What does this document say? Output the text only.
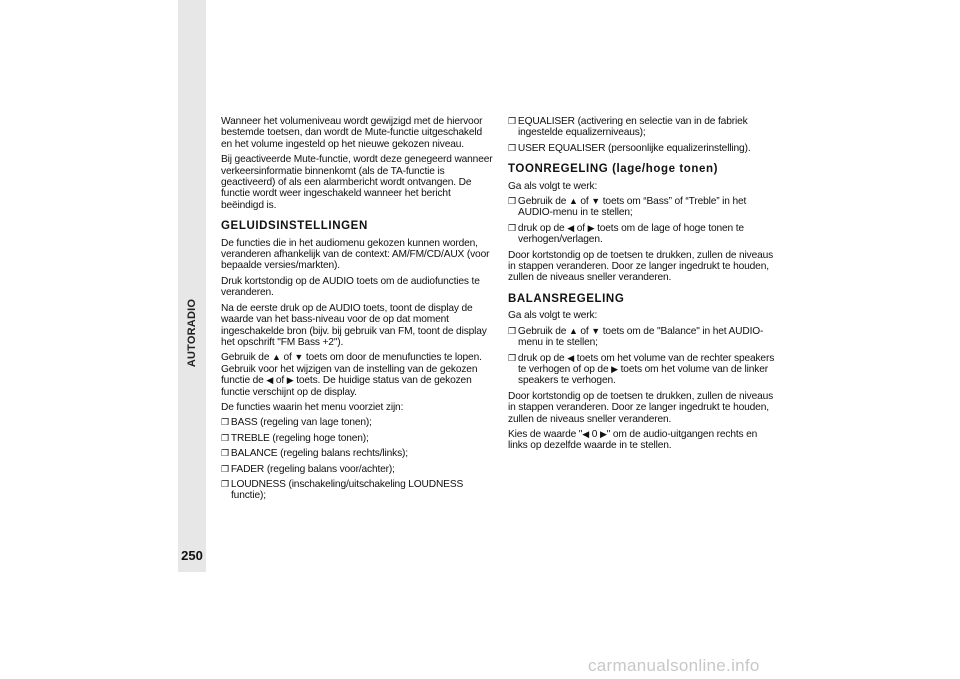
AUTORADIO
250

Wanneer het volumeniveau wordt gewijzigd met de hiervoor bestemde toetsen, dan wordt de Mute-functie uitgeschakeld en het volume ingesteld op het nieuwe gekozen niveau.

Bij geactiveerde Mute-functie, wordt deze genegeerd wanneer verkeersinformatie binnenkomt (als de TA-functie is geactiveerd) of als een alarmbericht wordt ontvangen. De functie wordt weer ingeschakeld wanneer het bericht beëindigd is.

GELUIDSINSTELLINGEN

De functies die in het audiomenu gekozen kunnen worden, veranderen afhankelijk van de context: AM/FM/CD/AUX (voor bepaalde versies/markten).

Druk kortstondig op de AUDIO toets om de audiofuncties te veranderen.

Na de eerste druk op de AUDIO toets, toont de display de waarde van het bass-niveau voor de op dat moment ingeschakelde bron (bijv. bij gebruik van FM, toont de display het opschrift "FM Bass +2").

Gebruik de ▲ of ▼ toets om door de menufuncties te lopen. Gebruik voor het wijzigen van de instelling van de gekozen functie de ◀ of ▶ toets. De huidige status van de gekozen functie verschijnt op de display.

De functies waarin het menu voorziet zijn:

❒ BASS (regeling van lage tonen);

❒ TREBLE (regeling hoge tonen);

❒ BALANCE (regeling balans rechts/links);

❒ FADER (regeling balans voor/achter);

❒ LOUDNESS (inschakeling/uitschakeling LOUDNESS functie);

❒ EQUALISER (activering en selectie van in de fabriek ingestelde equalizerniveaus);

❒ USER EQUALISER (persoonlijke equalizerinstelling).

TOONREGELING (lage/hoge tonen)

Ga als volgt te werk:

❒ Gebruik de ▲ of ▼ toets om “Bass” of “Treble” in het AUDIO-menu in te stellen;

❒ druk op de ◀ of ▶ toets om de lage of hoge tonen te verhogen/verlagen.

Door kortstondig op de toetsen te drukken, zullen de niveaus in stappen veranderen. Door ze langer ingedrukt te houden, zullen de niveaus sneller veranderen.

BALANSREGELING

Ga als volgt te werk:

❒ Gebruik de ▲ of ▼ toets om de "Balance" in het AUDIO-menu in te stellen;

❒ druk op de ◀ toets om het volume van de rechter speakers te verhogen of op de ▶ toets om het volume van de linker speakers te verhogen.

Door kortstondig op de toetsen te drukken, zullen de niveaus in stappen veranderen. Door ze langer ingedrukt te houden, zullen de niveaus sneller veranderen.

Kies de waarde "◀ 0 ▶" om de audio-uitgangen rechts en links op dezelfde waarde in te stellen.

carmanualsonline.info
